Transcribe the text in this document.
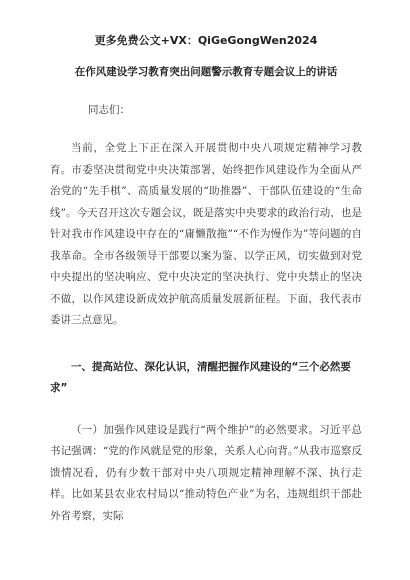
更多免费公文+VX：QiGeGongWen2024
在作风建设学习教育突出问题警示教育专题会议上的讲话
同志们：

当前，全党上下正在深入开展贯彻中央八项规定精神学习教育。市委坚决贯彻党中央决策部署，始终把作风建设作为全面从严治党的“先手棋”、高质量发展的“助推器”、干部队伍建设的“生命线”。今天召开这次专题会议，既是落实中央要求的政治行动，也是针对我市作风建设中存在的“庸懒散拖”“不作为慢作为”等问题的自我革命。全市各级领导干部要以案为鉴、以学正风，切实做到对党中央提出的坚决响应、党中央决定的坚决执行、党中央禁止的坚决不做，以作风建设新成效护航高质量发展新征程。下面，我代表市委讲三点意见。

一、提高站位、深化认识，清醒把握作风建设的“三个必然要求”

（一）加强作风建设是践行“两个维护”的必然要求。习近平总书记强调：“党的作风就是党的形象，关系人心向背。”从我市巡察反馈情况看，仍有少数干部对中央八项规定精神理解不深、执行走样。比如某县农业农村局以“推动特色产业”为名，违规组织干部赴外省考察，实际
